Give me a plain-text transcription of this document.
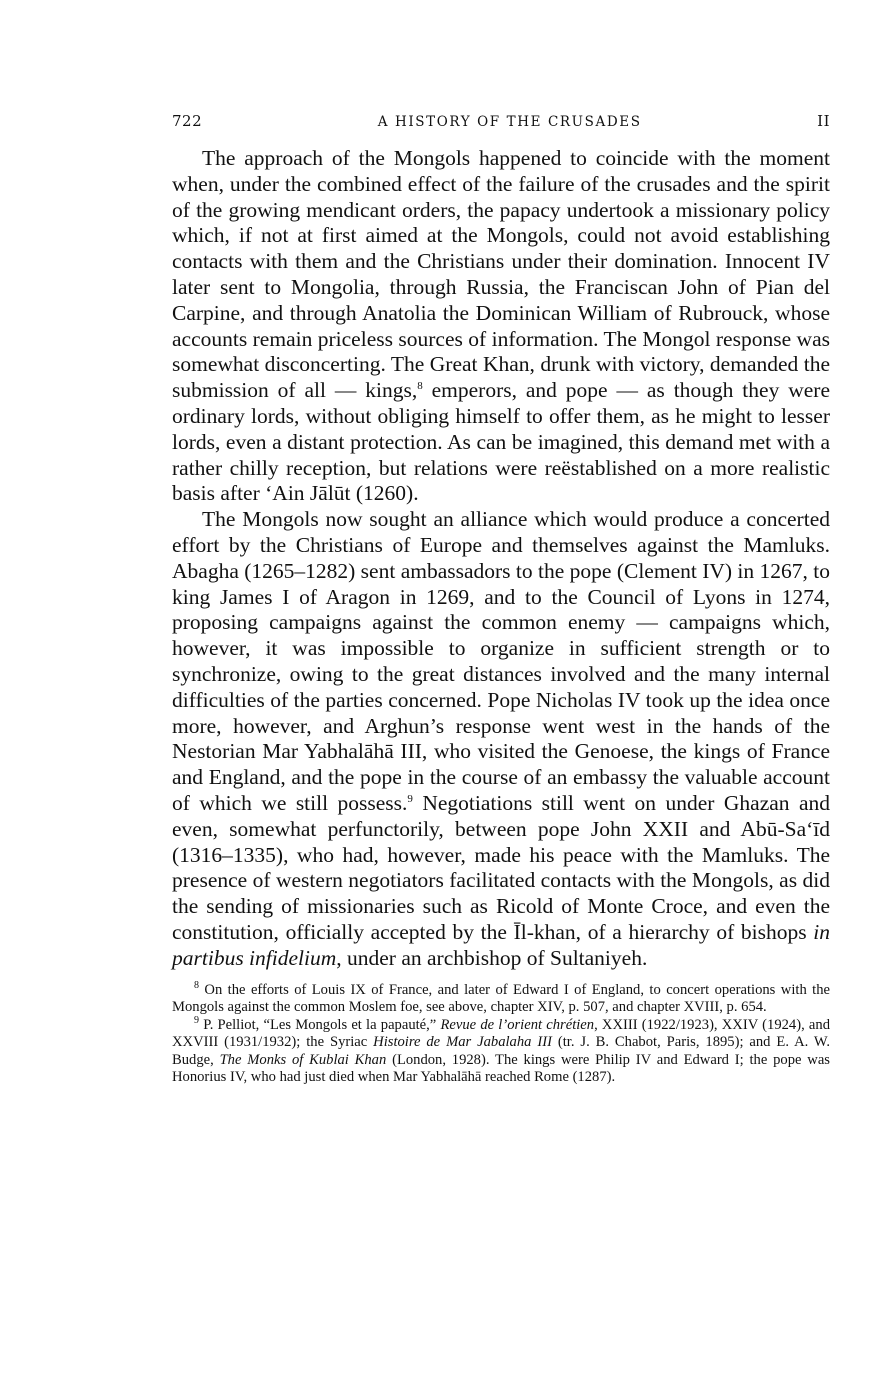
722	A HISTORY OF THE CRUSADES	II

The approach of the Mongols happened to coincide with the moment when, under the combined effect of the failure of the crusades and the spirit of the growing mendicant orders, the papacy undertook a missionary policy which, if not at first aimed at the Mongols, could not avoid establishing contacts with them and the Christians under their domination. Innocent IV later sent to Mongolia, through Russia, the Franciscan John of Pian del Carpine, and through Anatolia the Dominican William of Rubrouck, whose accounts remain priceless sources of information. The Mongol response was somewhat disconcerting. The Great Khan, drunk with victory, demanded the submission of all — kings,$^8$ emperors, and pope — as though they were ordinary lords, without obliging himself to offer them, as he might to lesser lords, even a distant protection. As can be imagined, this demand met with a rather chilly reception, but relations were reëstablished on a more realistic basis after ‘Ain Jālūt (1260).

The Mongols now sought an alliance which would produce a concerted effort by the Christians of Europe and themselves against the Mamluks. Abagha (1265–1282) sent ambassadors to the pope (Clement IV) in 1267, to king James I of Aragon in 1269, and to the Council of Lyons in 1274, proposing campaigns against the common enemy — campaigns which, however, it was impossible to organize in sufficient strength or to synchronize, owing to the great distances involved and the many internal difficulties of the parties concerned. Pope Nicholas IV took up the idea once more, however, and Arghun’s response went west in the hands of the Nestorian Mar Yabhalāhā III, who visited the Genoese, the kings of France and England, and the pope in the course of an embassy the valuable account of which we still possess.$^9$ Negotiations still went on under Ghazan and even, somewhat perfunctorily, between pope John XXII and Abū-Sa‘īd (1316–1335), who had, however, made his peace with the Mamluks. The presence of western negotiators facilitated contacts with the Mongols, as did the sending of missionaries such as Ricold of Monte Croce, and even the constitution, officially accepted by the Īl-khan, of a hierarchy of bishops in partibus infidelium, under an archbishop of Sultaniyeh.

$^8$ On the efforts of Louis IX of France, and later of Edward I of England, to concert operations with the Mongols against the common Moslem foe, see above, chapter XIV, p. 507, and chapter XVIII, p. 654.

$^9$ P. Pelliot, “Les Mongols et la papauté,” Revue de l’orient chrétien, XXIII (1922/1923), XXIV (1924), and XXVIII (1931/1932); the Syriac Histoire de Mar Jabalaha III (tr. J. B. Chabot, Paris, 1895); and E. A. W. Budge, The Monks of Kublai Khan (London, 1928). The kings were Philip IV and Edward I; the pope was Honorius IV, who had just died when Mar Yabhalāhā reached Rome (1287).
